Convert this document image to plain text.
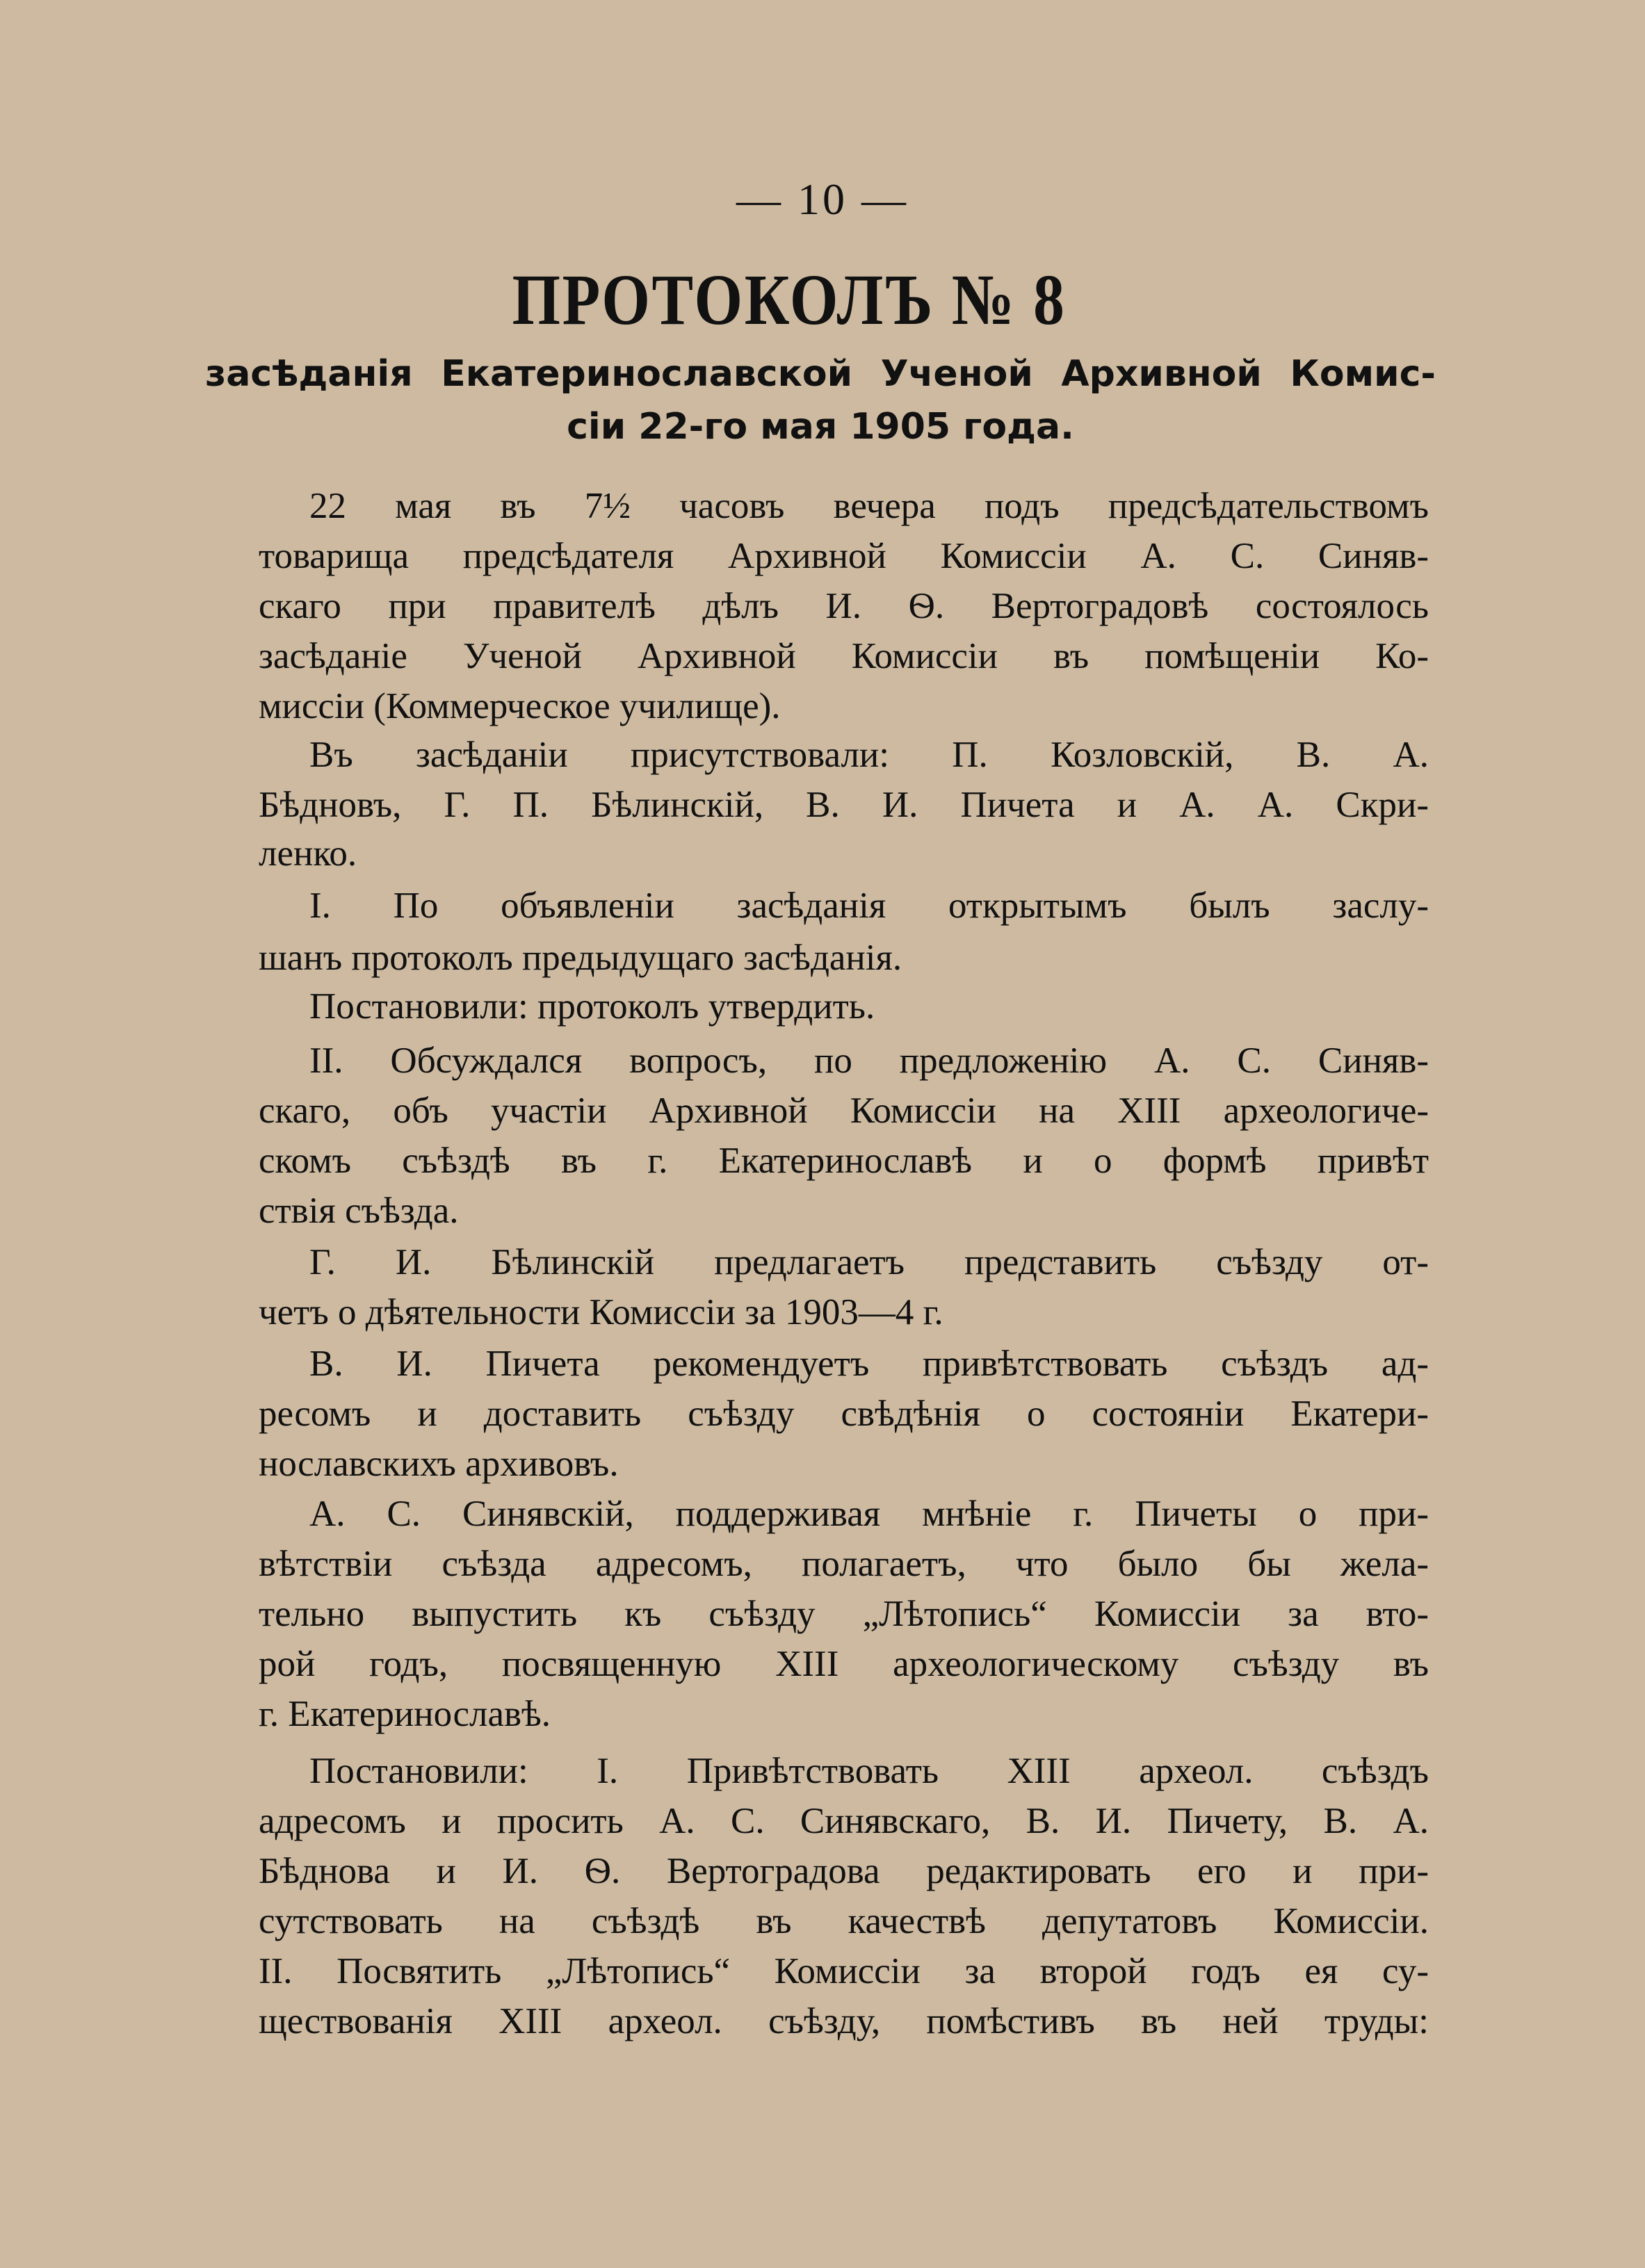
— 10 —
ПРОТОКОЛЪ № 8
засѣданія Екатеринославской Ученой Архивной Комис-
сіи 22-го мая 1905 года.
22 мая въ 7½ часовъ вечера подъ предсѣдательствомъ
товарища предсѣдателя Архивной Комиссіи А. С. Синяв-
скаго при правителѣ дѣлъ И. Ѳ. Вертоградовѣ состоялось
засѣданіе Ученой Архивной Комиссіи въ помѣщеніи Ко-
миссіи (Коммерческое училище).
Въ засѣданіи присутствовали: П. Козловскій, В. А.
Бѣдновъ, Г. П. Бѣлинскій, В. И. Пичета и А. А. Скри-
ленко.
I. По объявленіи засѣданія открытымъ былъ заслу-
шанъ протоколъ предыдущаго засѣданія.
Постановили: протоколъ утвердить.
II. Обсуждался вопросъ, по предложенію А. С. Синяв-
скаго, объ участіи Архивной Комиссіи на XIII археологиче-
скомъ съѣздѣ въ г. Екатеринославѣ и о формѣ привѣт
ствія съѣзда.
Г. И. Бѣлинскій предлагаетъ представить съѣзду от-
четъ о дѣятельности Комиссіи за 1903—4 г.
В. И. Пичета рекомендуетъ привѣтствовать съѣздъ ад-
ресомъ и доставить съѣзду свѣдѣнія о состояніи Екатери-
нославскихъ архивовъ.
А. С. Синявскій, поддерживая мнѣніе г. Пичеты о при-
вѣтствіи съѣзда адресомъ, полагаетъ, что было бы жела-
тельно выпустить къ съѣзду „Лѣтопись“ Комиссіи за вто-
рой годъ, посвященную XIII археологическому съѣзду въ
г. Екатеринославѣ.
Постановили: I. Привѣтствовать XIII археол. съѣздъ
адресомъ и просить А. С. Синявскаго, В. И. Пичету, В. А.
Бѣднова и И. Ѳ. Вертоградова редактировать его и при-
сутствовать на съѣздѣ въ качествѣ депутатовъ Комиссіи.
II. Посвятить „Лѣтопись“ Комиссіи за второй годъ ея су-
ществованія XIII археол. съѣзду, помѣстивъ въ ней труды:
